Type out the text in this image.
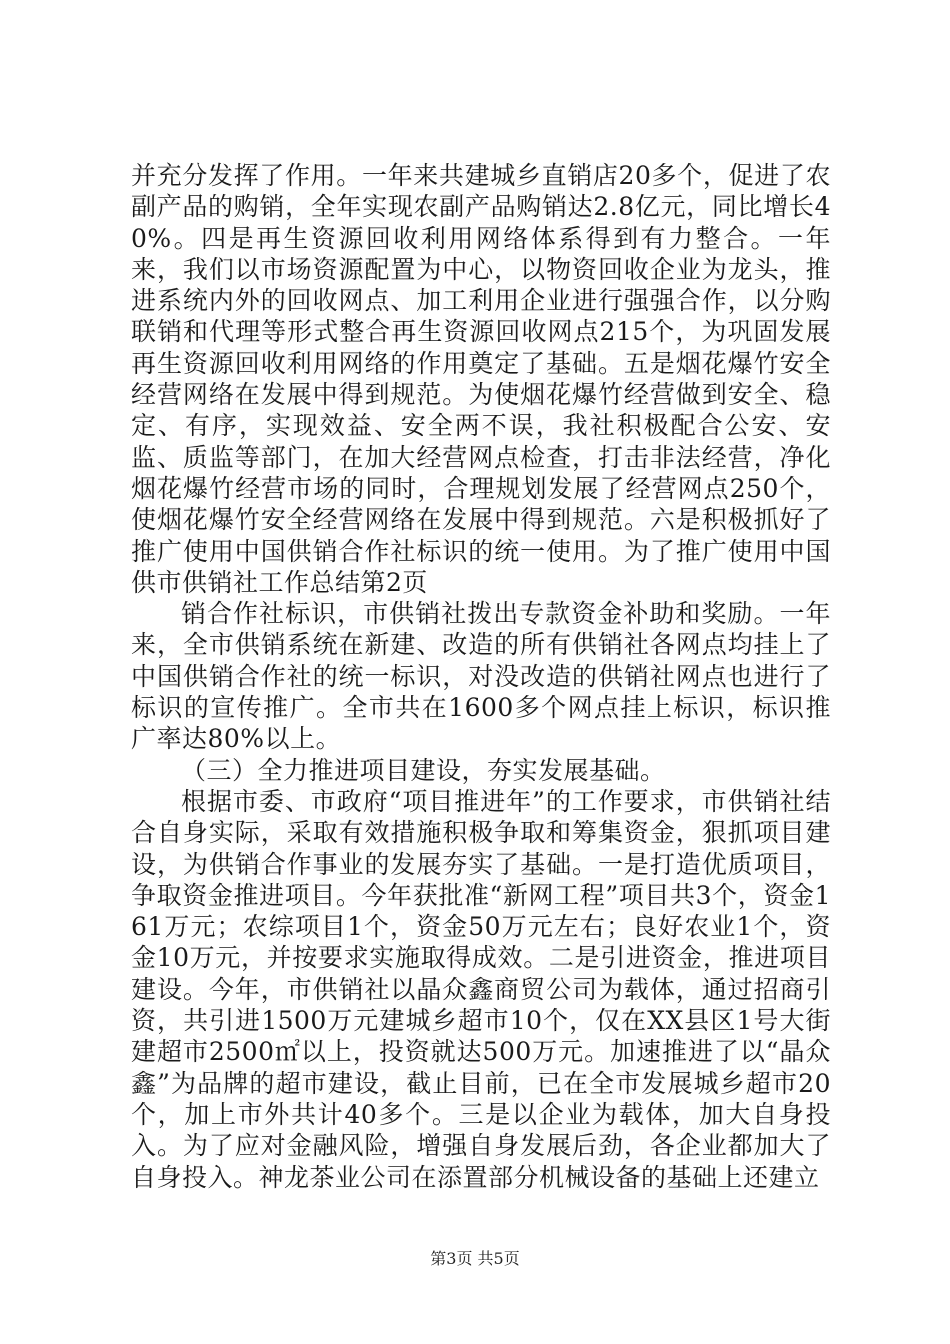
并充分发挥了作用。一年来共建城乡直销店20多个，促进了农副产品的购销，全年实现农副产品购销达2.8亿元，同比增长40%。四是再生资源回收利用网络体系得到有力整合。一年来，我们以市场资源配置为中心，以物资回收企业为龙头，推进系统内外的回收网点、加工利用企业进行强强合作，以分购联销和代理等形式整合再生资源回收网点215个，为巩固发展再生资源回收利用网络的作用奠定了基础。五是烟花爆竹安全经营网络在发展中得到规范。为使烟花爆竹经营做到安全、稳定、有序，实现效益、安全两不误，我社积极配合公安、安监、质监等部门，在加大经营网点检查，打击非法经营，净化烟花爆竹经营市场的同时，合理规划发展了经营网点250个，使烟花爆竹安全经营网络在发展中得到规范。六是积极抓好了推广使用中国供销合作社标识的统一使用。为了推广使用中国供市供销社工作总结第2页

销合作社标识，市供销社拨出专款资金补助和奖励。一年来，全市供销系统在新建、改造的所有供销社各网点均挂上了中国供销合作社的统一标识，对没改造的供销社网点也进行了标识的宣传推广。全市共在1600多个网点挂上标识，标识推广率达80%以上。

（三）全力推进项目建设，夯实发展基础。

根据市委、市政府“项目推进年”的工作要求，市供销社结合自身实际，采取有效措施积极争取和筹集资金，狠抓项目建设，为供销合作事业的发展夯实了基础。一是打造优质项目，争取资金推进项目。今年获批准“新网工程”项目共3个，资金161万元；农综项目1个，资金50万元左右；良好农业1个，资金10万元，并按要求实施取得成效。二是引进资金，推进项目建设。今年，市供销社以晶众鑫商贸公司为载体，通过招商引资，共引进1500万元建城乡超市10个，仅在XX县区1号大街建超市2500㎡以上，投资就达500万元。加速推进了以“晶众鑫”为品牌的超市建设，截止目前，已在全市发展城乡超市20个，加上市外共计40多个。三是以企业为载体，加大自身投入。为了应对金融风险，增强自身发展后劲，各企业都加大了自身投入。神龙茶业公司在添置部分机械设备的基础上还建立

第3页 共5页
